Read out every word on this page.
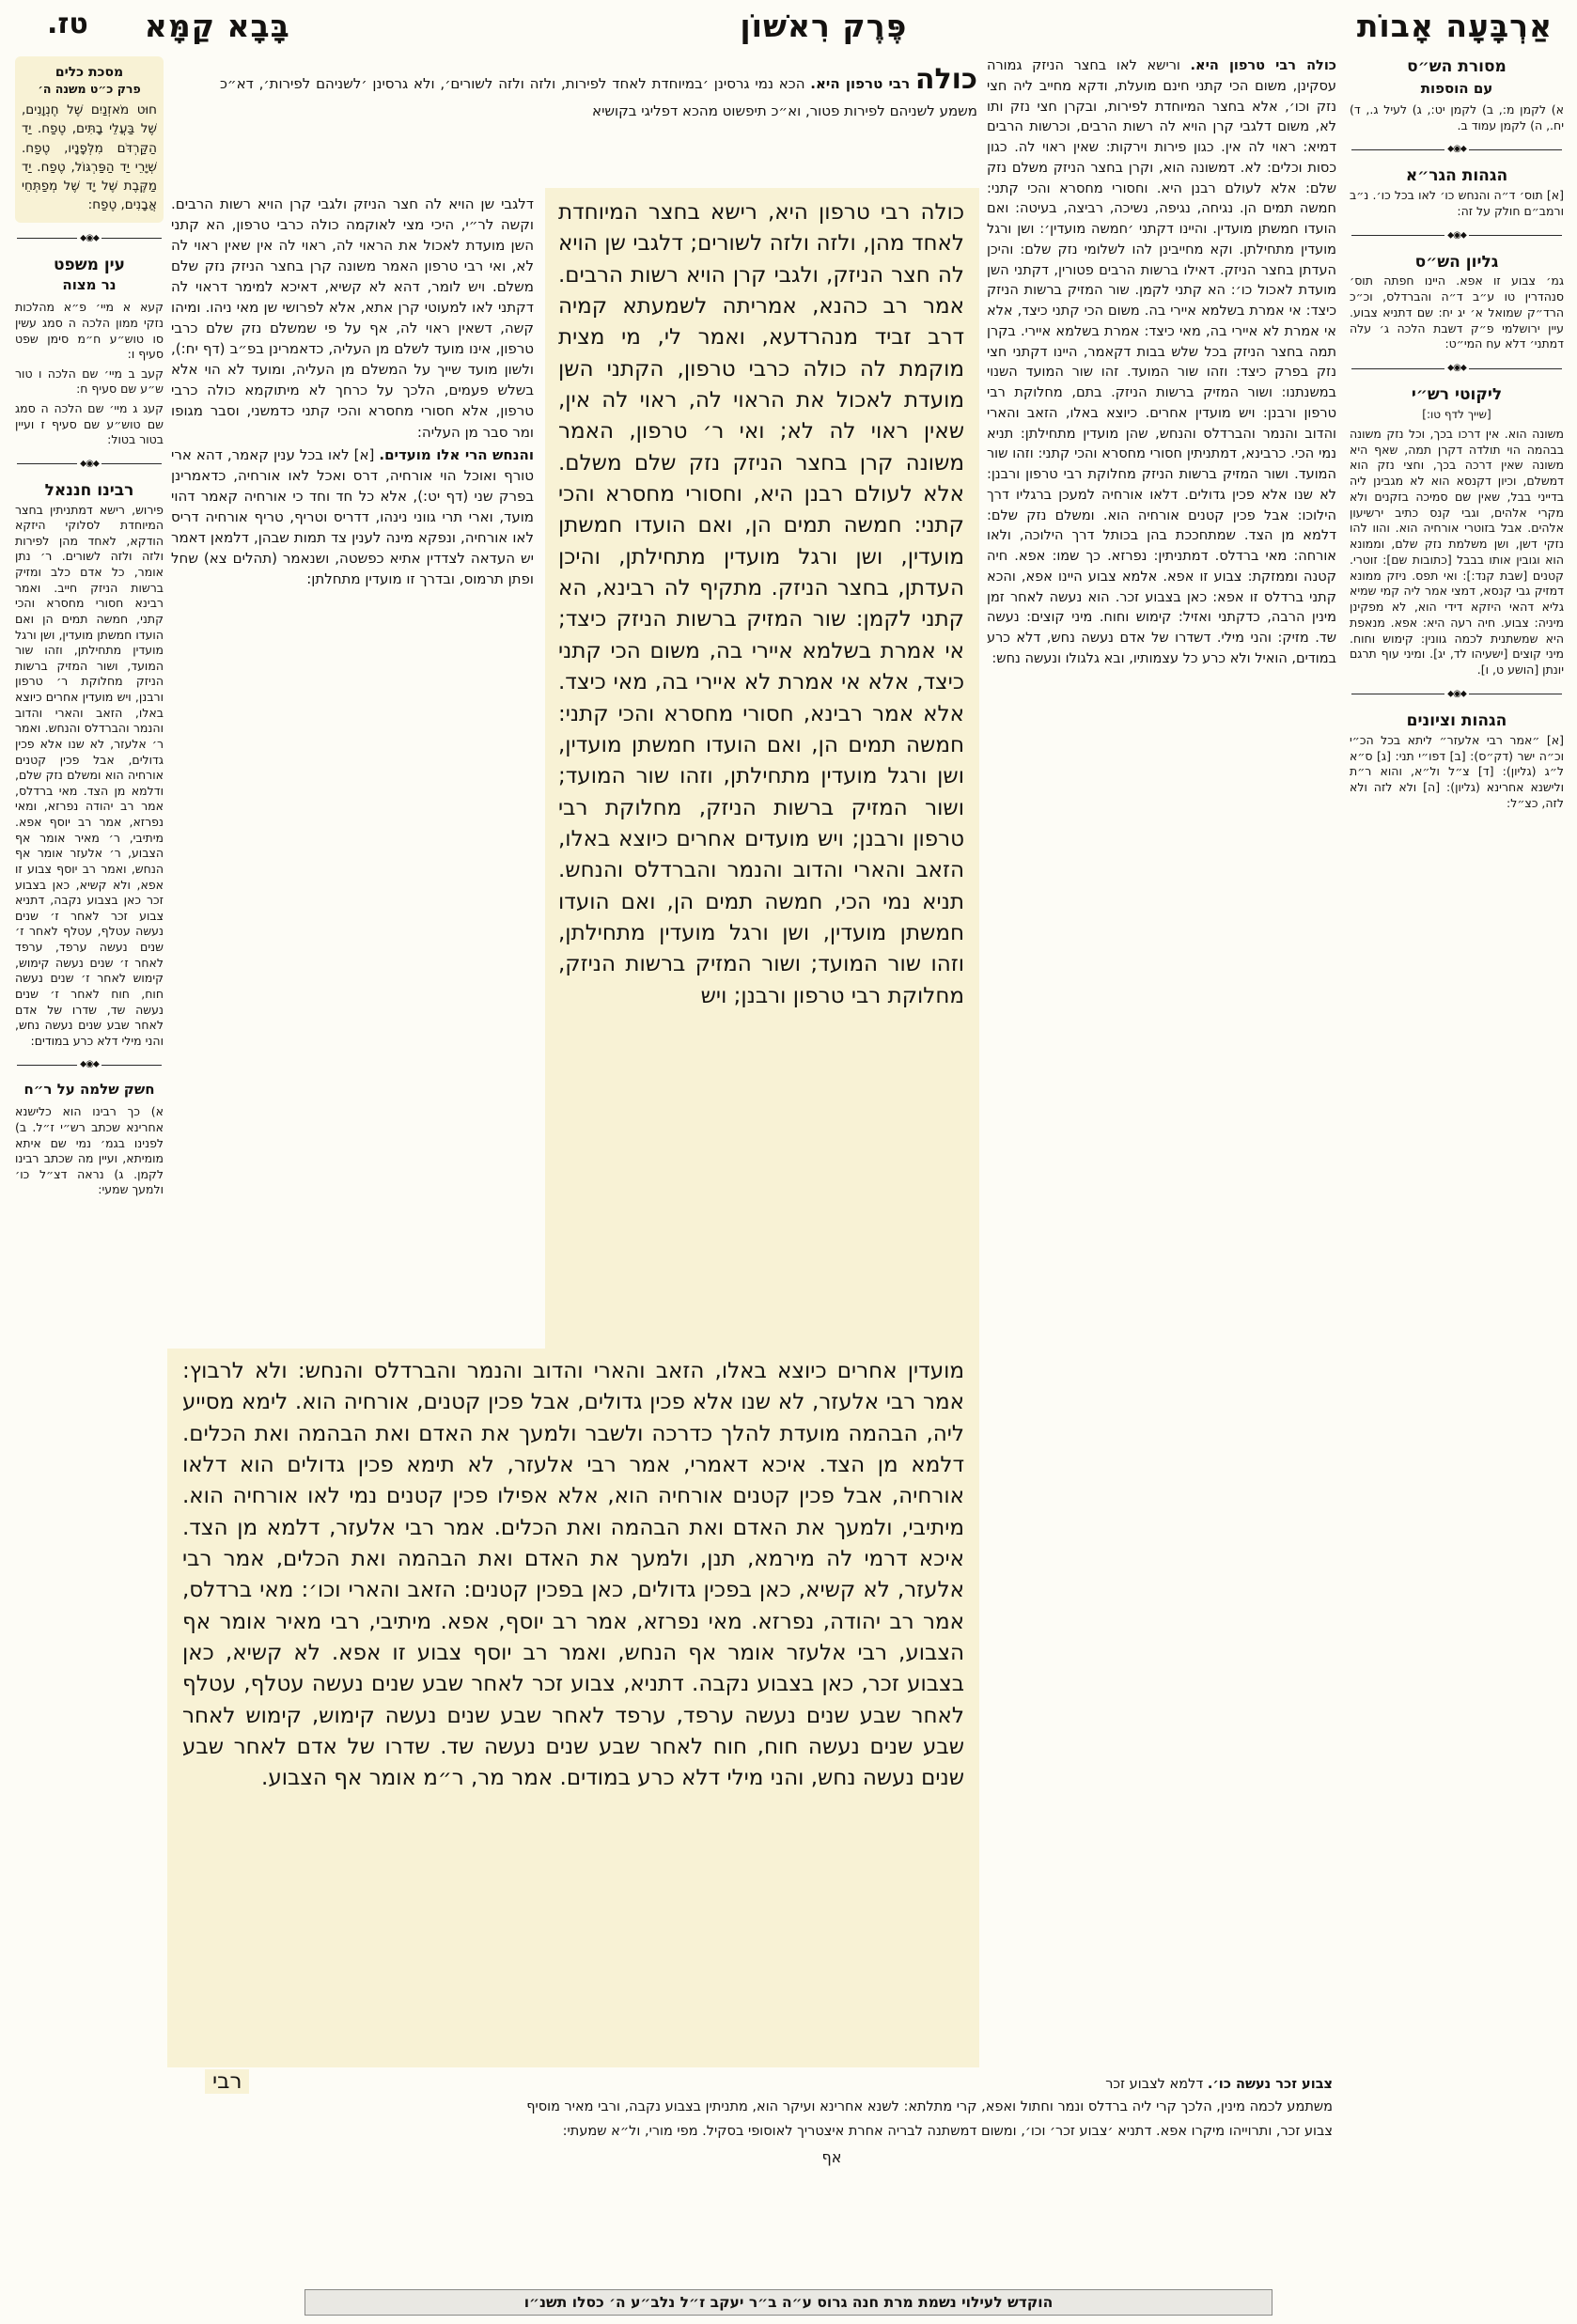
אַרְבָּעָה אָבוֹת
פֶּרֶק רִאשׁוֹן
בָּבָא קַמָּא
טז.
מסורת הש״ס
עם הוספות
א) לקמן מ:, ב) לקמן יט:, ג) לעיל ג., ד) יח., ה) לקמן עמוד ב.
⬥◉⬥
הגהות הגר״א
[א] תוס׳ ד״ה והנחש כו׳ לאו בכל כו׳. נ״ב ורמב״ם חולק על זה:
⬥◉⬥
גליון הש״ס
גמ׳ צבוע זו אפא. היינו חפתה תוס׳ סנהדרין טו ע״ב ד״ה והברדלס, וכ״כ הרד״ק שמואל א׳ יג יח: שם דתניא צבוע. עיין ירושלמי פ״ק דשבת הלכה ג׳ עלה דמתני׳ דלא עח המי״ט:
⬥◉⬥
ליקוטי רש״י
[שייך לדף טו:]
משונה הוא. אין דרכו בכך, וכל נזק משונה בבהמה הוי תולדה דקרן תמה, שאף היא משונה שאין דרכה בכך, וחצי נזק הוא דמשלם, וכיון דקנסא הוא לא מגבינן ליה בדייני בבל, שאין שם סמיכה בזקנים ולא מקרי אלהים, וגבי קנס כתיב ירשיעון אלהים. אבל בזוטרי אורחיה הוא. והוו להו נזקי דשן, ושן משלמת נזק שלם, וממונא הוא וגובין אותו בבבל [כתובות שם]: זוטרי. קטנים [שבת קנד:]: ואי תפס. ניזק ממונא דמזיק גבי קנסא, דמצי אמר ליה קמי שמיא גליא דהאי היזקא דידי הוא, לא מפקינן מיניה: צבוע. חיה רעה היא: אפא. מנאפת היא שמשתנית לכמה גוונין: קימוש וחוח. מיני קוצים [ישעיהו לד, יג]. ומיני עוף תרגם יונתן [הושע ט, ו].
⬥◉⬥
הגהות וציונים
[א] ״אמר רבי אלעזר״ ליתא בכל הכ״י וכ״ה ישר (דק״ס): [ב] דפו״י תני: [ג] ס״א ל״ג (גליון): [ד] צ״ל ול״א, והוא ר״ת ולישנא אחרינא (גליון): [ה] ולא לזה ולא לזה, כצ״ל:
כולה רבי טרפון היא. ורישא לאו בחצר הניזק גמורה עסקינן, משום הכי קתני חינם מועלת, ודקא מחייב ליה חצי נזק וכו׳, אלא בחצר המיוחדת לפירות, ובקרן חצי נזק ותו לא, משום דלגבי קרן הויא לה רשות הרבים, וכרשות הרבים דמיא: ראוי לה אין. כגון פירות וירקות: שאין ראוי לה. כגון כסות וכלים: לא. דמשונה הוא, וקרן בחצר הניזק משלם נזק שלם: אלא לעולם רבנן היא. וחסורי מחסרא והכי קתני: חמשה תמים הן. נגיחה, נגיפה, נשיכה, רביצה, בעיטה: ואם הועדו חמשתן מועדין. והיינו דקתני ׳חמשה מועדין׳: ושן ורגל מועדין מתחילתן. וקא מחייבינן להו לשלומי נזק שלם: והיכן העדתן בחצר הניזק. דאילו ברשות הרבים פטורין, דקתני השן מועדת לאכול כו׳: הא קתני לקמן. שור המזיק ברשות הניזק כיצד: אי אמרת בשלמא איירי בה. משום הכי קתני כיצד, אלא אי אמרת לא איירי בה, מאי כיצד: אמרת בשלמא איירי. בקרן תמה בחצר הניזק בכל שלש בבות דקאמר, היינו דקתני חצי נזק בפרק כיצד: וזהו שור המועד. זהו שור המועד השנוי במשנתנו: ושור המזיק ברשות הניזק. בתם, מחלוקת רבי טרפון ורבנן: ויש מועדין אחרים. כיוצא באלו, הזאב והארי והדוב והנמר והברדלס והנחש, שהן מועדין מתחילתן: תניא נמי הכי. כרבינא, דמתניתין חסורי מחסרא והכי קתני: וזהו שור המועד. ושור המזיק ברשות הניזק מחלוקת רבי טרפון ורבנן: לא שנו אלא פכין גדולים. דלאו אורחיה למעכן ברגליו דרך הילוכו: אבל פכין קטנים אורחיה הוא. ומשלם נזק שלם: דלמא מן הצד. שמתחככת בהן בכותל דרך הילוכה, ולאו אורחה: מאי ברדלס. דמתניתין: נפרזא. כך שמו: אפא. חיה קטנה וממזקת: צבוע זו אפא. אלמא צבוע היינו אפא, והכא קתני ברדלס זו אפא: כאן בצבוע זכר. הוא נעשה לאחר זמן מינין הרבה, כדקתני ואזיל: קימוש וחוח. מיני קוצים: נעשה שד. מזיק: והני מילי. דשדרו של אדם נעשה נחש, דלא כרע במודים, הואיל ולא כרע כל עצמותיו, ובא גלגולו ונעשה נחש:
כולה רבי טרפון היא. הכא נמי גרסינן ׳במיוחדת לאחד לפירות, ולזה ולזה לשורים׳, ולא גרסינן ׳לשניהם לפירות׳, דא״כ משמע לשניהם לפירות פטור, וא״כ תיפשוט מהכא דפליגי בקושיא
כולה רבי טרפון היא, רישא בחצר המיוחדת לאחד מהן, ולזה ולזה לשורים; דלגבי שן הויא לה חצר הניזק, ולגבי קרן הויא רשות הרבים. אמר רב כהנא, אמריתה לשמעתא קמיה דרב זביד מנהרדעא, ואמר לי, מי מצית מוקמת לה כולה כרבי טרפון, הקתני השן מועדת לאכול את הראוי לה, ראוי לה אין, שאין ראוי לה לא; ואי ר׳ טרפון, האמר משונה קרן בחצר הניזק נזק שלם משלם. אלא לעולם רבנן היא, וחסורי מחסרא והכי קתני: חמשה תמים הן, ואם הועדו חמשתן מועדין, ושן ורגל מועדין מתחילתן, והיכן העדתן, בחצר הניזק. מתקיף לה רבינא, הא קתני לקמן: שור המזיק ברשות הניזק כיצד; אי אמרת בשלמא איירי בה, משום הכי קתני כיצד, אלא אי אמרת לא איירי בה, מאי כיצד. אלא אמר רבינא, חסורי מחסרא והכי קתני: חמשה תמים הן, ואם הועדו חמשתן מועדין, ושן ורגל מועדין מתחילתן, וזהו שור המועד; ושור המזיק ברשות הניזק, מחלוקת רבי טרפון ורבנן; ויש מועדים אחרים כיוצא באלו, הזאב והארי והדוב והנמר והברדלס והנחש. תניא נמי הכי, חמשה תמים הן, ואם הועדו חמשתן מועדין, ושן ורגל מועדין מתחילתן, וזהו שור המועד; ושור המזיק ברשות הניזק, מחלוקת רבי טרפון ורבנן; ויש

דלגבי שן הויא לה חצר הניזק ולגבי קרן הויא רשות הרבים. וקשה לר״י, היכי מצי לאוקמה כולה כרבי טרפון, הא קתני השן מועדת לאכול את הראוי לה, ראוי לה אין שאין ראוי לה לא, ואי רבי טרפון האמר משונה קרן בחצר הניזק נזק שלם משלם. ויש לומר, דהא לא קשיא, דאיכא למימר דראוי לה דקתני לאו למעוטי קרן אתא, אלא לפרושי שן מאי ניהו. ומיהו קשה, דשאין ראוי לה, אף על פי שמשלם נזק שלם כרבי טרפון, אינו מועד לשלם מן העליה, כדאמרינן בפ״ב (דף יח:), ולשון מועד שייך על המשלם מן העליה, ומועד לא הוי אלא בשלש פעמים, הלכך על כרחך לא מיתוקמא כולה כרבי טרפון, אלא חסורי מחסרא והכי קתני כדמשני, וסבר מגופו ומר סבר מן העליה:

והנחש הרי אלו מועדים. [א] לאו בכל ענין קאמר, דהא ארי טורף ואוכל הוי אורחיה, דרס ואכל לאו אורחיה, כדאמרינן בפרק שני (דף יט:), אלא כל חד וחד כי אורחיה קאמר דהוי מועד, וארי תרי גווני נינהו, דדריס וטריף, טריף אורחיה דריס לאו אורחיה, ונפקא מינה לענין צד תמות שבהן, דלמאן דאמר יש העדאה לצדדין אתיא כפשטה, ושנאמר (תהלים צא) שחל ופתן תרמוס, ובדרך זו מועדין מתחלתן:

מועדין אחרים כיוצא באלו, הזאב והארי והדוב והנמר והברדלס והנחש: ולא לרבוץ: אמר רבי אלעזר, לא שנו אלא פכין גדולים, אבל פכין קטנים, אורחיה הוא. לימא מסייע ליה, הבהמה מועדת להלך כדרכה ולשבר ולמעך את האדם ואת הבהמה ואת הכלים. דלמא מן הצד. איכא דאמרי, אמר רבי אלעזר, לא תימא פכין גדולים הוא דלאו אורחיה, אבל פכין קטנים אורחיה הוא, אלא אפילו פכין קטנים נמי לאו אורחיה הוא. מיתיבי, ולמעך את האדם ואת הבהמה ואת הכלים. אמר רבי אלעזר, דלמא מן הצד. איכא דרמי לה מירמא, תנן, ולמעך את האדם ואת הבהמה ואת הכלים, אמר רבי אלעזר, לא קשיא, כאן בפכין גדולים, כאן בפכין קטנים: הזאב והארי וכו׳: מאי ברדלס, אמר רב יהודה, נפרזא. מאי נפרזא, אמר רב יוסף, אפא. מיתיבי, רבי מאיר אומר אף הצבוע, רבי אלעזר אומר אף הנחש, ואמר רב יוסף צבוע זו אפא. לא קשיא, כאן בצבוע זכר, כאן בצבוע נקבה. דתניא, צבוע זכר לאחר שבע שנים נעשה עטלף, עטלף לאחר שבע שנים נעשה ערפד, ערפד לאחר שבע שנים נעשה קימוש, קימוש לאחר שבע שנים נעשה חוח, חוח לאחר שבע שנים נעשה שד. שדרו של אדם לאחר שבע שנים נעשה נחש, והני מילי דלא כרע במודים. אמר מר, ר״מ אומר אף הצבוע.
צבוע זכר נעשה כו׳. דלמא לצבוע זכר
רבי
משתמע לכמה מינין, הלכך קרי ליה ברדלס ונמר וחתול ואפא, קרי מתלתא: לשנא אחרינא ועיקר הוא, מתניתין בצבוע נקבה, ורבי מאיר מוסיף
צבוע זכר, ותרוייהו מיקרו אפא. דתניא ׳צבוע זכר׳ וכו׳, ומשום דמשתנה לבריה אחרת איצטריך לאוסופי בסקיל. מפי מורי, ול״א שמעתי:
אף
מסכת כלים
פרק כ״ט משנה ה׳
חוּט מֹאזְנַיִם שֶׁל חֶנְוָנִים, שֶׁל בַּעֲלֵי בָתִּים, טֶפַח. יַד הַקַּרְדֹּם מִלְּפָנָיו, טֶפַח. שְׁיָרֵי יַד הַפַּרְגּוֹל, טֶפַח. יַד מַקֶּבֶת שֶׁל יָד שֶׁל מְפַתְּחֵי אֲבָנִים, טֶפַח:
⬥◉⬥
עין משפט
נר מצוה
קעא א מיי׳ פ״א מהלכות נזקי ממון הלכה ה סמג עשין סו טוש״ע ח״מ סימן שפט סעיף ו:
קעב ב מיי׳ שם הלכה ו טור ש״ע שם סעיף ח:
קעג ג מיי׳ שם הלכה ה סמג שם טוש״ע שם סעיף ז ועיין בטור בטול:
⬥◉⬥
רבינו חננאל
פירוש, רישא דמתניתין בחצר המיוחדת לסלוקי היזקא הודקא, לאחד מהן לפירות ולזה ולזה לשורים. ר׳ נתן אומר, כל אדם כלב ומזיק ברשות הניזק חייב. ואמר רבינא חסורי מחסרא והכי קתני, חמשה תמים הן ואם הועדו חמשתן מועדין, ושן ורגל מועדין מתחילתן, וזהו שור המועד, ושור המזיק ברשות הניזק מחלוקת ר׳ טרפון ורבנן, ויש מועדין אחרים כיוצא באלו, הזאב והארי והדוב והנמר והברדלס והנחש. ואמר ר׳ אלעזר, לא שנו אלא פכין גדולים, אבל פכין קטנים אורחיה הוא ומשלם נזק שלם, ודלמא מן הצד. מאי ברדלס, אמר רב יהודה נפרזא, ומאי נפרזא, אמר רב יוסף אפא. מיתיבי, ר׳ מאיר אומר אף הצבוע, ר׳ אלעזר אומר אף הנחש, ואמר רב יוסף צבוע זו אפא, ולא קשיא, כאן בצבוע זכר כאן בצבוע נקבה, דתניא צבוע זכר לאחר ז׳ שנים נעשה עטלף, עטלף לאחר ז׳ שנים נעשה ערפד, ערפד לאחר ז׳ שנים נעשה קימוש, קימוש לאחר ז׳ שנים נעשה חוח, חוח לאחר ז׳ שנים נעשה שד, שדרו של אדם לאחר שבע שנים נעשה נחש, והני מילי דלא כרע במודים:
⬥◉⬥
חשק שלמה על ר״ח
א) כך רבינו הוא כלישנא אחרינא שכתב רש״י ז״ל. ב) לפנינו בגמ׳ נמי שם איתא מומיתא, ועיין מה שכתב רבינו לקמן. ג) נראה דצ״ל כו׳ ולמעך שמעי:
הוקדש לעילוי נשמת מרת חנה גרוס ע״ה ב״ר יעקב ז״ל נלב״ע ה׳ כסלו תשנ״ו
